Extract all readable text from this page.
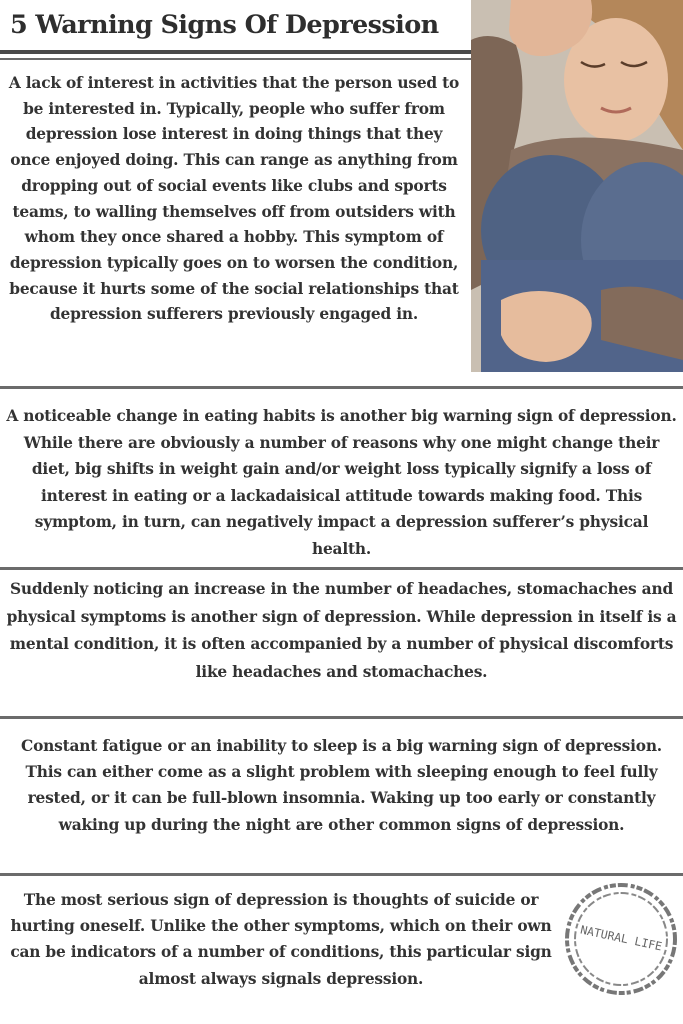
5 Warning Signs Of Depression

A lack of interest in activities that the person used to be interested in. Typically, people who suffer from depression lose interest in doing things that they once enjoyed doing. This can range as anything from dropping out of social events like clubs and sports teams, to walling themselves off from outsiders with whom they once shared a hobby. This symptom of depression typically goes on to worsen the condition, because it hurts some of the social relationships that depression sufferers previously engaged in.

A noticeable change in eating habits is another big warning sign of depression. While there are obviously a number of reasons why one might change their diet, big shifts in weight gain and/or weight loss typically signify a loss of interest in eating or a lackadaisical attitude towards making food. This symptom, in turn, can negatively impact a depression sufferer’s physical health.

Suddenly noticing an increase in the number of headaches, stomachaches and physical symptoms is another sign of depression. While depression in itself is a mental condition, it is often accompanied by a number of physical discomforts like headaches and stomachaches.

Constant fatigue or an inability to sleep is a big warning sign of depression. This can either come as a slight problem with sleeping enough to feel fully rested, or it can be full-blown insomnia. Waking up too early or constantly waking up during the night are other common signs of depression.

The most serious sign of depression is thoughts of suicide or hurting oneself. Unlike the other symptoms, which on their own can be indicators of a number of conditions, this particular sign almost always signals depression.

NATURAL LIFE
